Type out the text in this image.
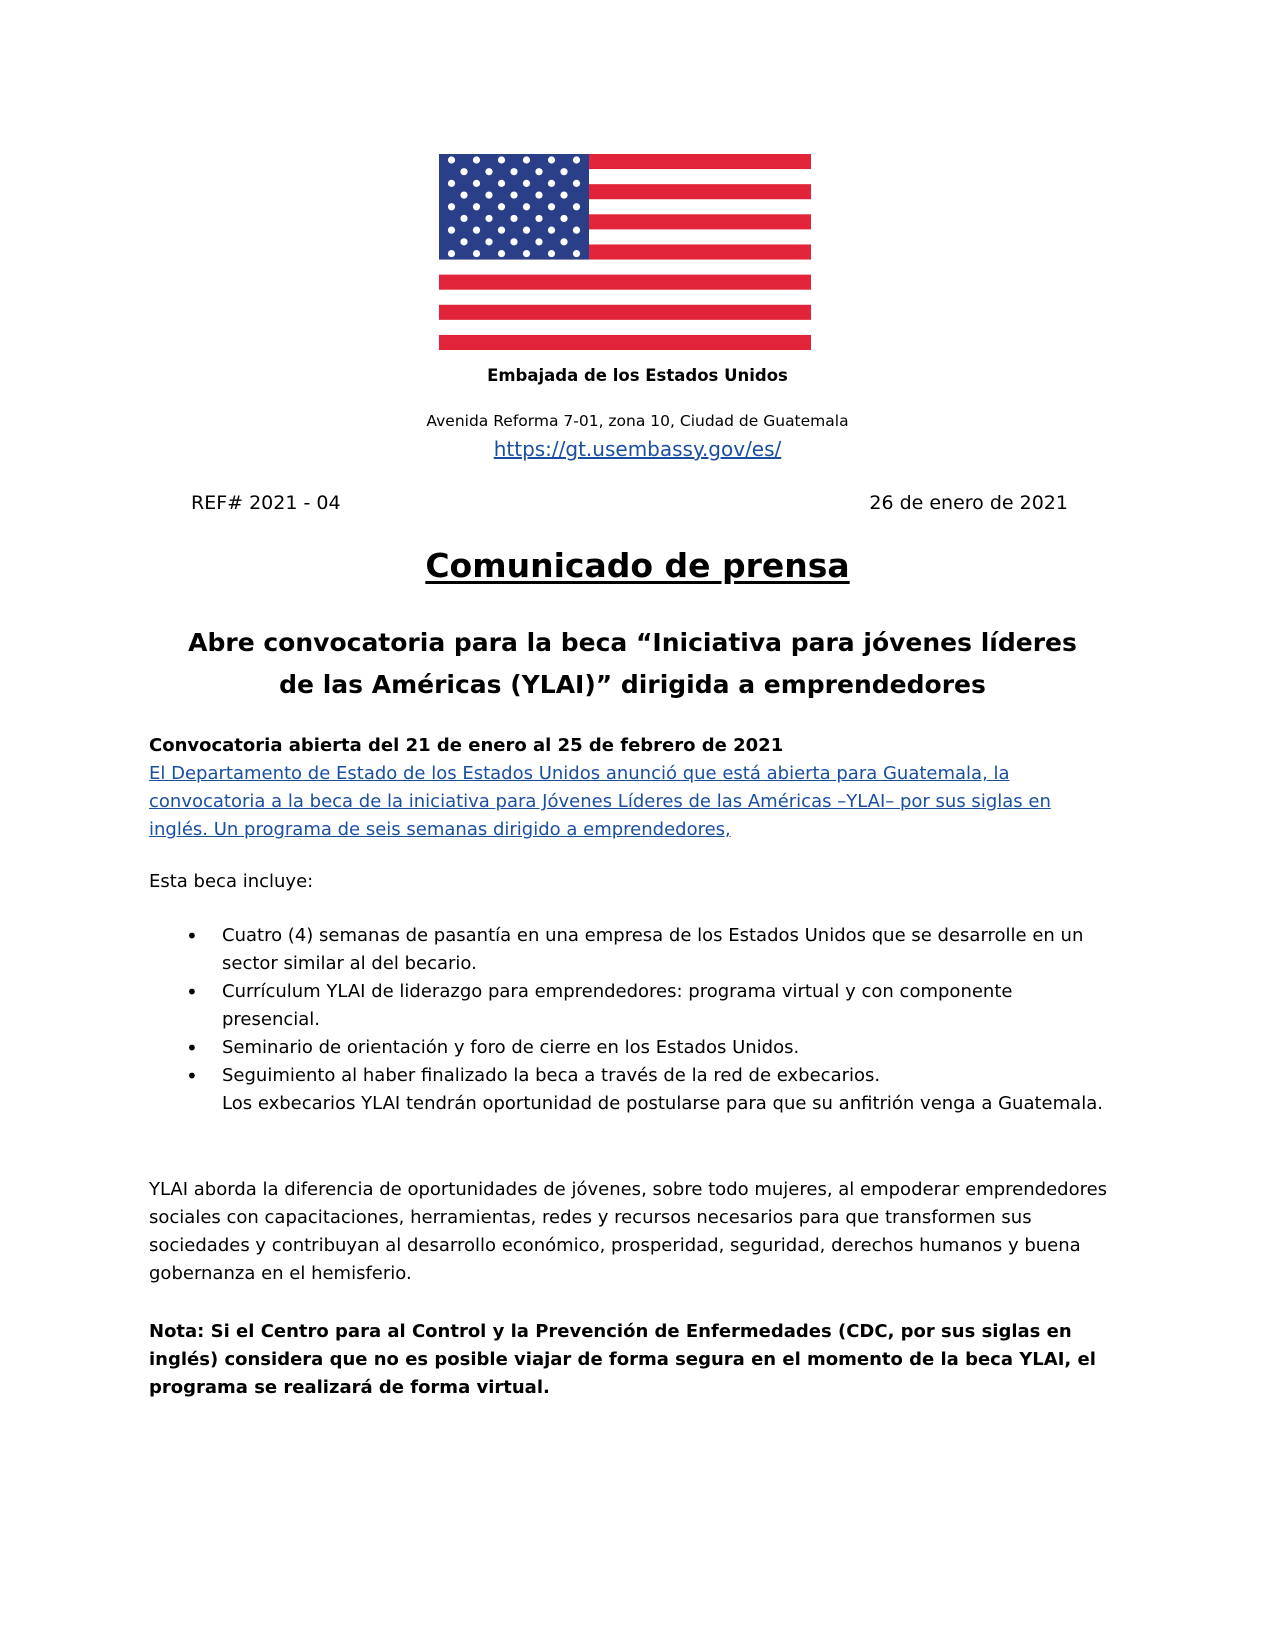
Embajada de los Estados Unidos
Avenida Reforma 7-01, zona 10, Ciudad de Guatemala
https://gt.usembassy.gov/es/
REF# 2021 - 04	26 de enero de 2021
Comunicado de prensa
Abre convocatoria para la beca “Iniciativa para jóvenes líderes de las Américas (YLAI)” dirigida a emprendedores
Convocatoria abierta del 21 de enero al 25 de febrero de 2021
El Departamento de Estado de los Estados Unidos anunció que está abierta para Guatemala, la convocatoria a la beca de la iniciativa para Jóvenes Líderes de las Américas –YLAI– por sus siglas en inglés. Un programa de seis semanas dirigido a emprendedores,
Esta beca incluye:
• Cuatro (4) semanas de pasantía en una empresa de los Estados Unidos que se desarrolle en un sector similar al del becario.
• Currículum YLAI de liderazgo para emprendedores: programa virtual y con componente presencial.
• Seminario de orientación y foro de cierre en los Estados Unidos.
• Seguimiento al haber finalizado la beca a través de la red de exbecarios.
Los exbecarios YLAI tendrán oportunidad de postularse para que su anfitrión venga a Guatemala.
YLAI aborda la diferencia de oportunidades de jóvenes, sobre todo mujeres, al empoderar emprendedores sociales con capacitaciones, herramientas, redes y recursos necesarios para que transformen sus sociedades y contribuyan al desarrollo económico, prosperidad, seguridad, derechos humanos y buena gobernanza en el hemisferio.
Nota: Si el Centro para al Control y la Prevención de Enfermedades (CDC, por sus siglas en inglés) considera que no es posible viajar de forma segura en el momento de la beca YLAI, el programa se realizará de forma virtual.
